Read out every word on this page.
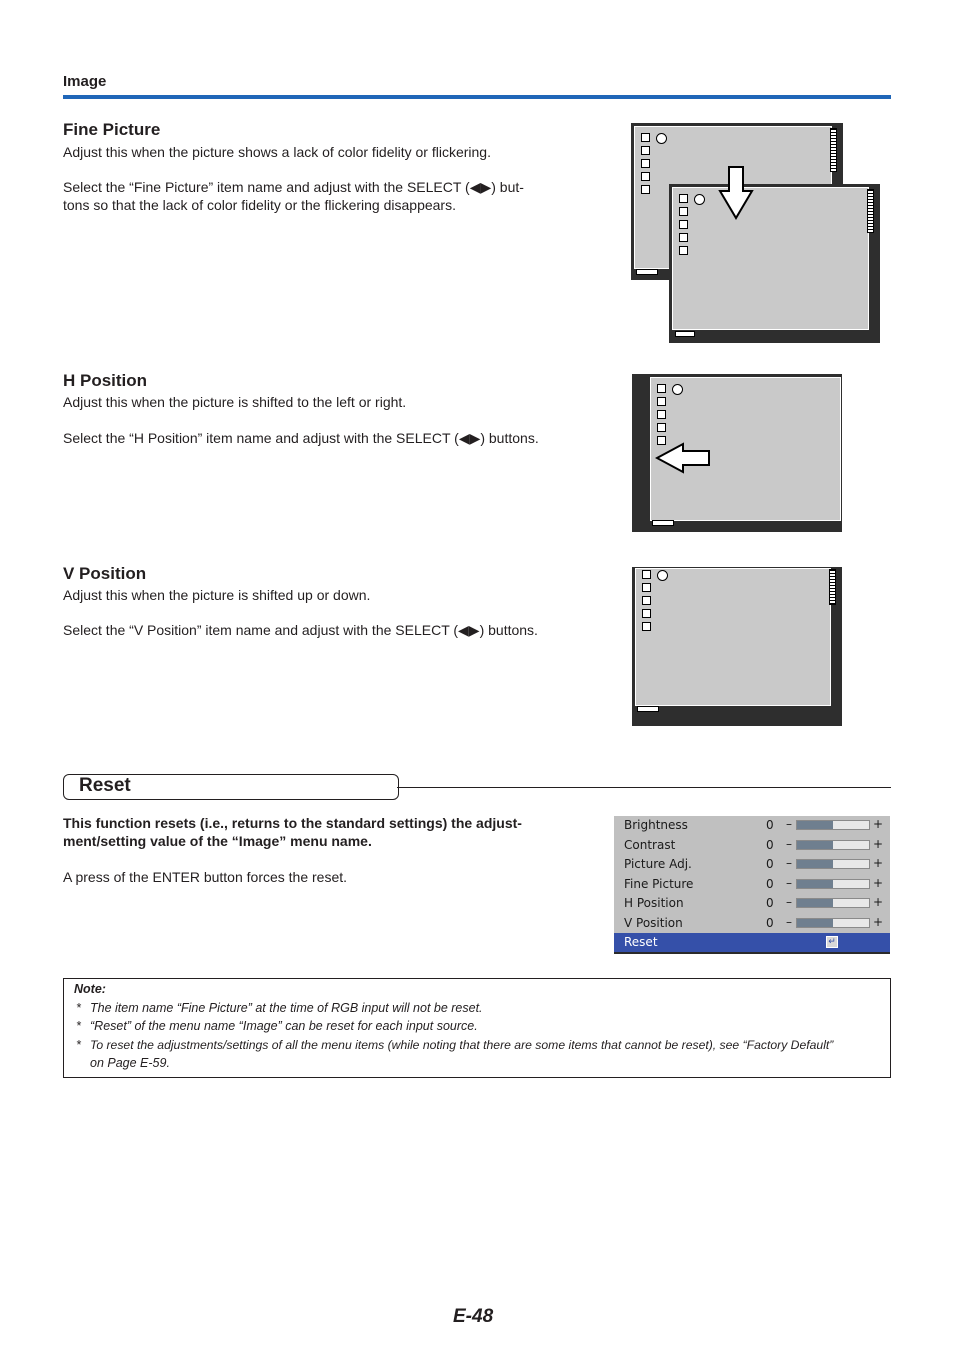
Image
Fine Picture
Adjust this when the picture shows a lack of color fidelity or flickering.
Select the “Fine Picture” item name and adjust with the SELECT (◀▶) but-
tons so that the lack of color fidelity or the flickering disappears.
H Position
Adjust this when the picture is shifted to the left or right.
Select the “H Position” item name and adjust with the SELECT (◀▶) buttons.
V Position
Adjust this when the picture is shifted up or down.
Select the “V Position” item name and adjust with the SELECT (◀▶) buttons.
Reset
This function resets (i.e., returns to the standard settings) the adjust-
ment/setting value of the “Image” menu name.
A press of the ENTER button forces the reset.
Brightness	0 –	+
Contrast	0 –	+
Picture Adj.	0 –	+
Fine Picture	0 –	+
H Position	0 –	+
V Position	0 –	+
Reset	↵
Note:
* The item name “Fine Picture” at the time of RGB input will not be reset.
* “Reset” of the menu name “Image” can be reset for each input source.
* To reset the adjustments/settings of all the menu items (while noting that there are some items that cannot be reset), see “Factory Default”
on Page E-59.
E-48
